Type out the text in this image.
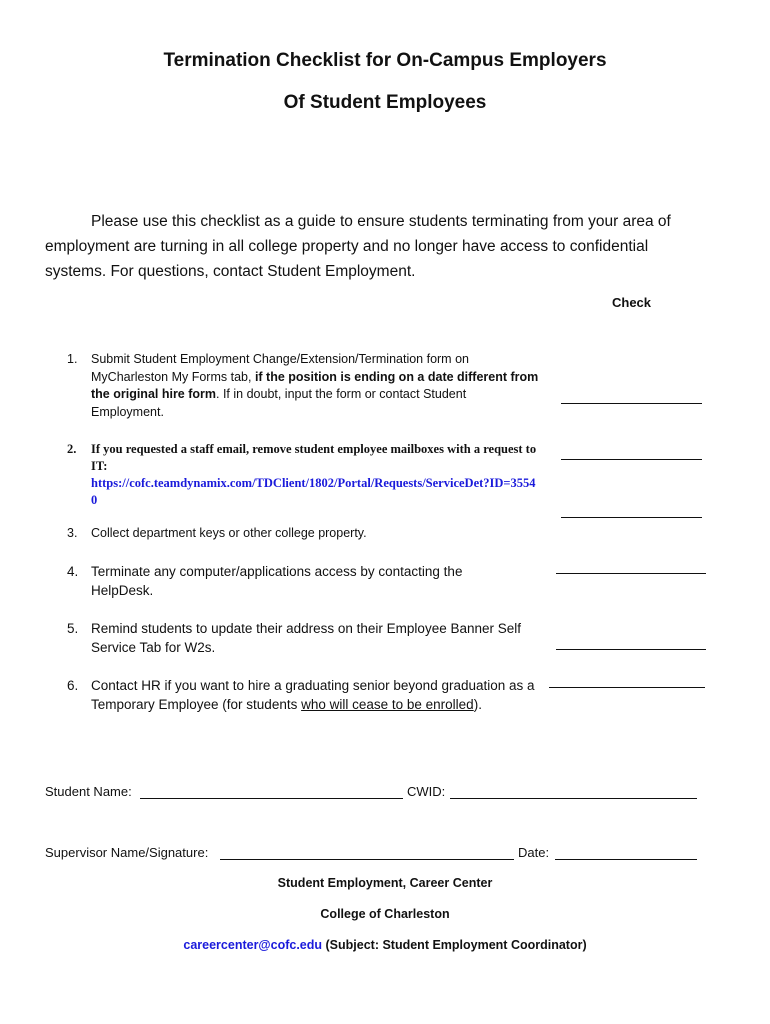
Termination Checklist for On-Campus Employers
Of Student Employees
Please use this checklist as a guide to ensure students terminating from your area of employment are turning in all college property and no longer have access to confidential systems. For questions, contact Student Employment.
Check
1.	Submit Student Employment Change/Extension/Termination form on MyCharleston My Forms tab, if the position is ending on a date different from the original hire form. If in doubt, input the form or contact Student Employment.
2.	If you requested a staff email, remove student employee mailboxes with a request to IT:
https://cofc.teamdynamix.com/TDClient/1802/Portal/Requests/ServiceDet?ID=35540
3.	Collect department keys or other college property.
4. Terminate any computer/applications access by contacting the HelpDesk.
5. Remind students to update their address on their Employee Banner Self Service Tab for W2s.
6. Contact HR if you want to hire a graduating senior beyond graduation as a Temporary Employee (for students who will cease to be enrolled).
Student Name:	CWID:
Supervisor Name/Signature:	Date:
Student Employment, Career Center
College of Charleston
careercenter@cofc.edu (Subject: Student Employment Coordinator)
